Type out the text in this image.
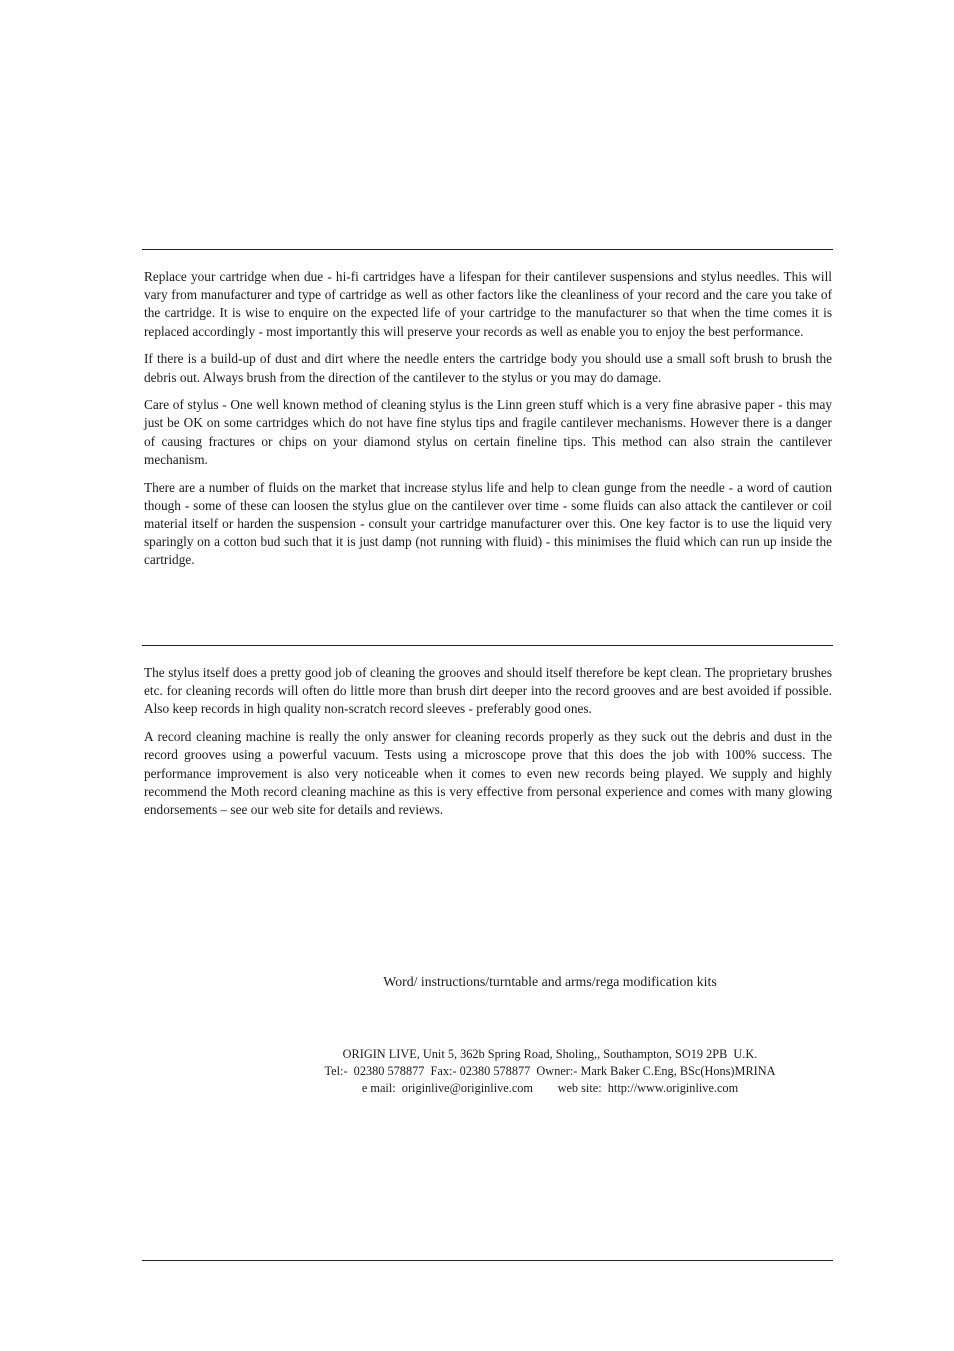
Replace your cartridge when due - hi-fi cartridges have a lifespan for their cantilever suspensions and stylus needles. This will vary from manufacturer and type of cartridge as well as other factors like the cleanliness of your record and the care you take of the cartridge. It is wise to enquire on the expected life of your cartridge to the manufacturer so that when the time comes it is replaced accordingly - most importantly this will preserve your records as well as enable you to enjoy the best performance.

If there is a build-up of dust and dirt where the needle enters the cartridge body you should use a small soft brush to brush the debris out. Always brush from the direction of the cantilever to the stylus or you may do damage.

Care of stylus - One well known method of cleaning stylus is the Linn green stuff which is a very fine abrasive paper - this may just be OK on some cartridges which do not have fine stylus tips and fragile cantilever mechanisms. However there is a danger of causing fractures or chips on your diamond stylus on certain fineline tips. This method can also strain the cantilever mechanism.

There are a number of fluids on the market that increase stylus life and help to clean gunge from the needle - a word of caution though - some of these can loosen the stylus glue on the cantilever over time - some fluids can also attack the cantilever or coil material itself or harden the suspension - consult your cartridge manufacturer over this. One key factor is to use the liquid very sparingly on a cotton bud such that it is just damp (not running with fluid) - this minimises the fluid which can run up inside the cartridge.

The stylus itself does a pretty good job of cleaning the grooves and should itself therefore be kept clean. The proprietary brushes etc. for cleaning records will often do little more than brush dirt deeper into the record grooves and are best avoided if possible. Also keep records in high quality non-scratch record sleeves - preferably good ones.

A record cleaning machine is really the only answer for cleaning records properly as they suck out the debris and dust in the record grooves using a powerful vacuum. Tests using a microscope prove that this does the job with 100% success. The performance improvement is also very noticeable when it comes to even new records being played. We supply and highly recommend the Moth record cleaning machine as this is very effective from personal experience and comes with many glowing endorsements – see our web site for details and reviews.

Word/ instructions/turntable and arms/rega modification kits
ORIGIN LIVE, Unit 5, 362b Spring Road, Sholing,, Southampton, SO19 2PB  U.K.
Tel:-  02380 578877  Fax:- 02380 578877  Owner:- Mark Baker C.Eng, BSc(Hons)MRINA
e mail:  originlive@originlive.com        web site:  http://www.originlive.com
